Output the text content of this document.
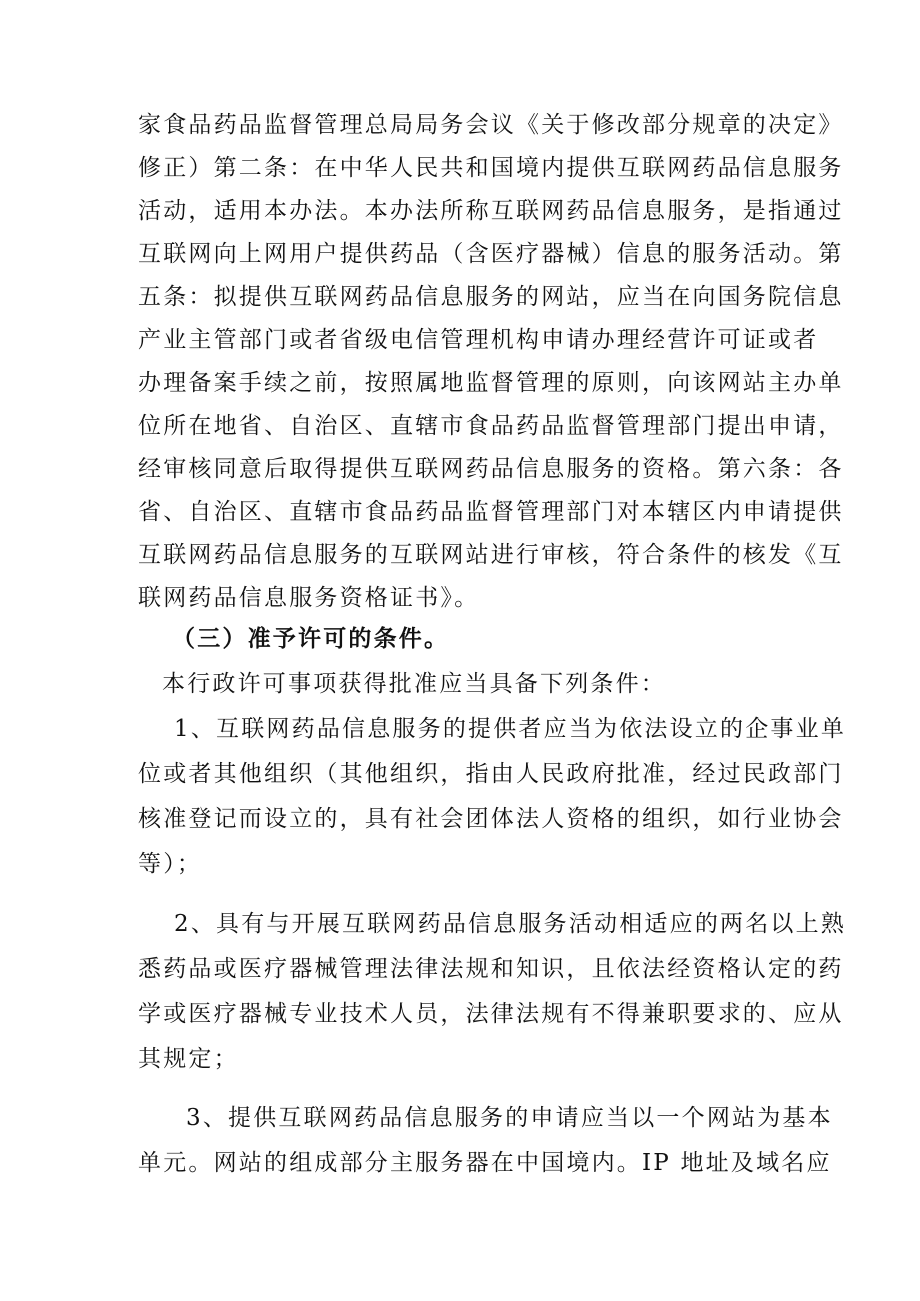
家食品药品监督管理总局局务会议《关于修改部分规章的决定》
修正）第二条：在中华人民共和国境内提供互联网药品信息服务
活动，适用本办法。本办法所称互联网药品信息服务，是指通过
互联网向上网用户提供药品（含医疗器械）信息的服务活动。第
五条：拟提供互联网药品信息服务的网站，应当在向国务院信息
产业主管部门或者省级电信管理机构申请办理经营许可证或者
办理备案手续之前，按照属地监督管理的原则，向该网站主办单
位所在地省、自治区、直辖市食品药品监督管理部门提出申请，
经审核同意后取得提供互联网药品信息服务的资格。第六条：各
省、自治区、直辖市食品药品监督管理部门对本辖区内申请提供
互联网药品信息服务的互联网站进行审核，符合条件的核发《互
联网药品信息服务资格证书》。
（三）准予许可的条件。
本行政许可事项获得批准应当具备下列条件：
1、互联网药品信息服务的提供者应当为依法设立的企事业单
位或者其他组织（其他组织，指由人民政府批准，经过民政部门
核准登记而设立的，具有社会团体法人资格的组织，如行业协会
等）；
2、具有与开展互联网药品信息服务活动相适应的两名以上熟
悉药品或医疗器械管理法律法规和知识，且依法经资格认定的药
学或医疗器械专业技术人员，法律法规有不得兼职要求的、应从
其规定；
3、提供互联网药品信息服务的申请应当以一个网站为基本
单元。网站的组成部分主服务器在中国境内。IP 地址及域名应
